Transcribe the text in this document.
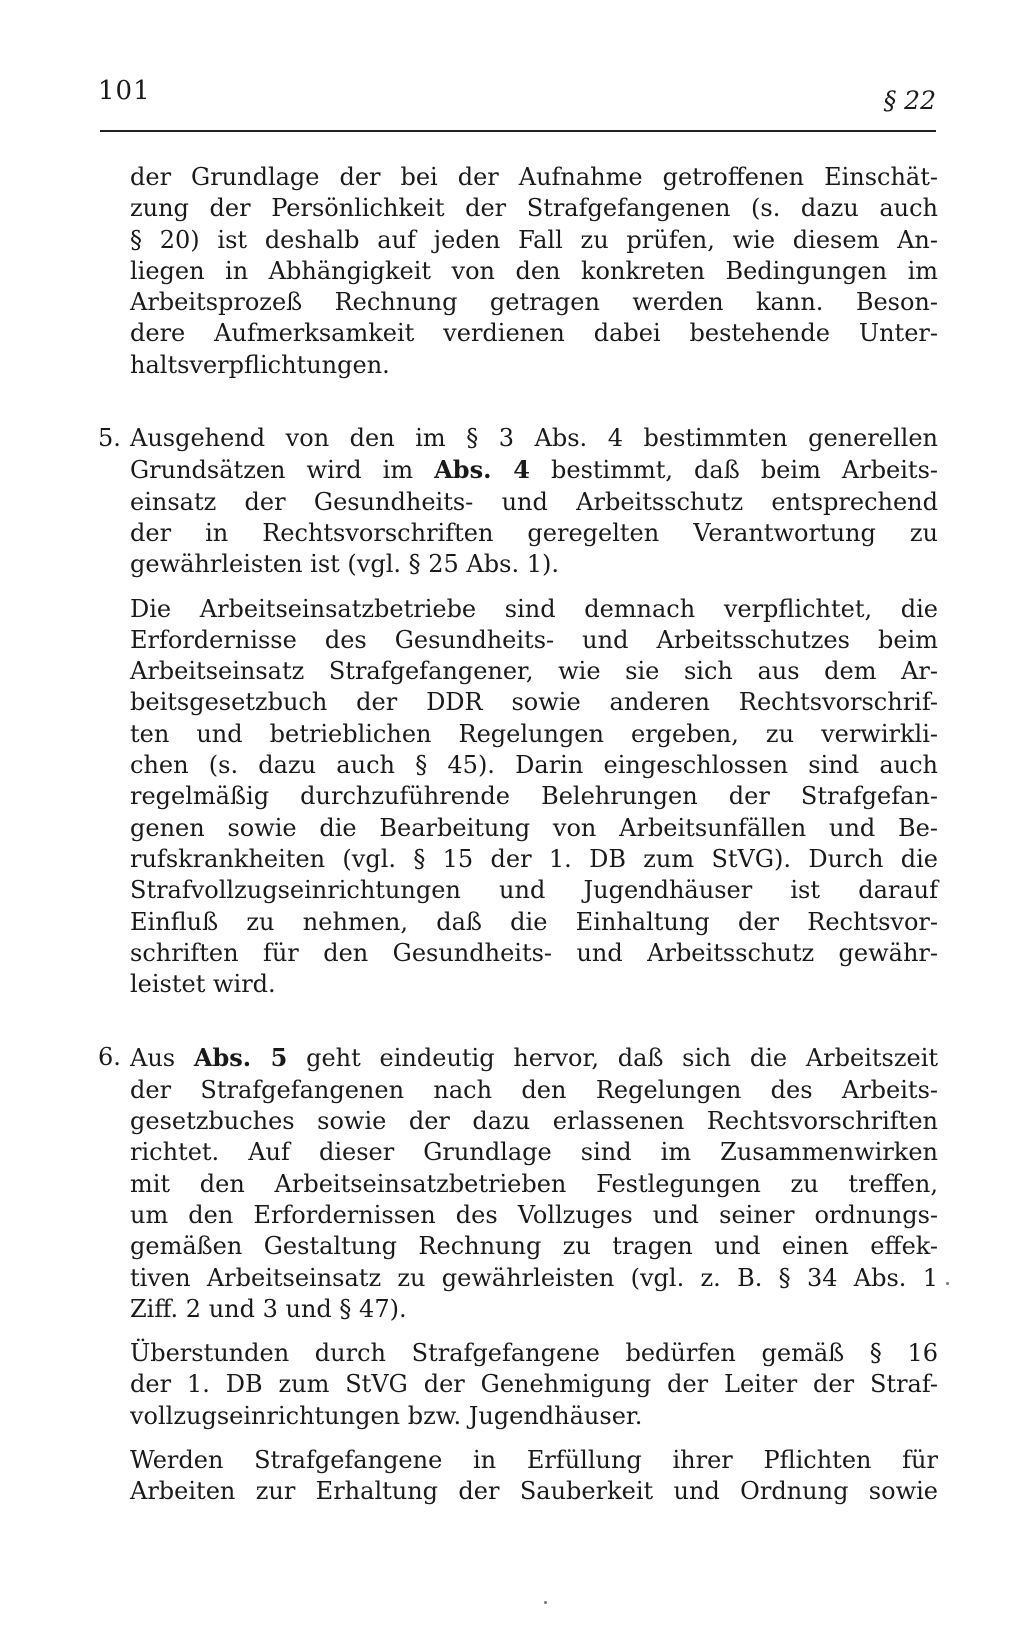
101	§ 22
der Grundlage der bei der Aufnahme getroffenen Einschät-
zung der Persönlichkeit der Strafgefangenen (s. dazu auch
§ 20) ist deshalb auf jeden Fall zu prüfen, wie diesem An-
liegen in Abhängigkeit von den konkreten Bedingungen im
Arbeitsprozeß Rechnung getragen werden kann. Beson-
dere Aufmerksamkeit verdienen dabei bestehende Unter-
haltsverpflichtungen.
5. Ausgehend von den im § 3 Abs. 4 bestimmten generellen
Grundsätzen wird im Abs. 4 bestimmt, daß beim Arbeits-
einsatz der Gesundheits- und Arbeitsschutz entsprechend
der in Rechtsvorschriften geregelten Verantwortung zu
gewährleisten ist (vgl. § 25 Abs. 1).
Die Arbeitseinsatzbetriebe sind demnach verpflichtet, die
Erfordernisse des Gesundheits- und Arbeitsschutzes beim
Arbeitseinsatz Strafgefangener, wie sie sich aus dem Ar-
beitsgesetzbuch der DDR sowie anderen Rechtsvorschrif-
ten und betrieblichen Regelungen ergeben, zu verwirkli-
chen (s. dazu auch § 45). Darin eingeschlossen sind auch
regelmäßig durchzuführende Belehrungen der Strafgefan-
genen sowie die Bearbeitung von Arbeitsunfällen und Be-
rufskrankheiten (vgl. § 15 der 1. DB zum StVG). Durch die
Strafvollzugseinrichtungen und Jugendhäuser ist darauf
Einfluß zu nehmen, daß die Einhaltung der Rechtsvor-
schriften für den Gesundheits- und Arbeitsschutz gewähr-
leistet wird.
6. Aus Abs. 5 geht eindeutig hervor, daß sich die Arbeitszeit
der Strafgefangenen nach den Regelungen des Arbeits-
gesetzbuches sowie der dazu erlassenen Rechtsvorschriften
richtet. Auf dieser Grundlage sind im Zusammenwirken
mit den Arbeitseinsatzbetrieben Festlegungen zu treffen,
um den Erfordernissen des Vollzuges und seiner ordnungs-
gemäßen Gestaltung Rechnung zu tragen und einen effek-
tiven Arbeitseinsatz zu gewährleisten (vgl. z. B. § 34 Abs. 1
Ziff. 2 und 3 und § 47).
Überstunden durch Strafgefangene bedürfen gemäß § 16
der 1. DB zum StVG der Genehmigung der Leiter der Straf-
vollzugseinrichtungen bzw. Jugendhäuser.
Werden Strafgefangene in Erfüllung ihrer Pflichten für
Arbeiten zur Erhaltung der Sauberkeit und Ordnung sowie
